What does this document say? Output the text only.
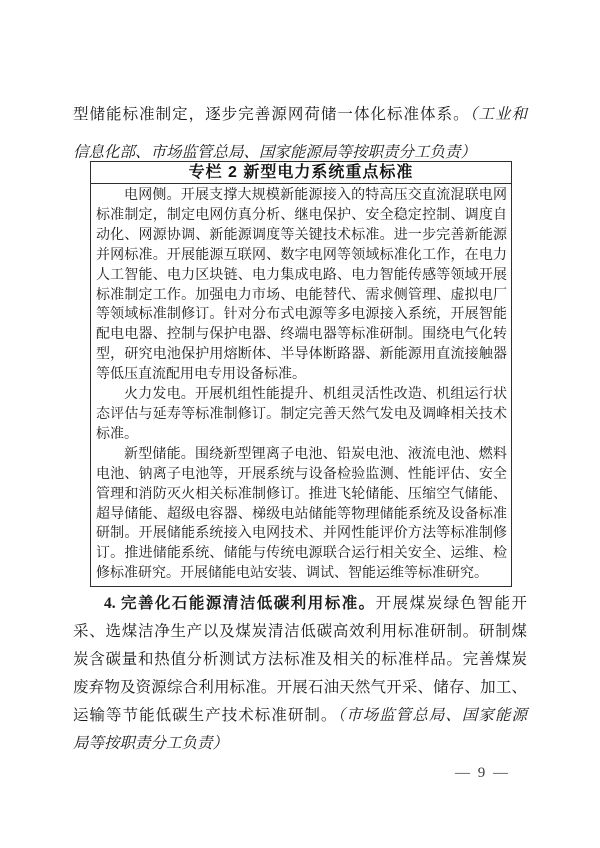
型储能标准制定，逐步完善源网荷储一体化标准体系。（工业和
信息化部、市场监管总局、国家能源局等按职责分工负责）
专栏 2 新型电力系统重点标准
电网侧。开展支撑大规模新能源接入的特高压交直流混联电网
标准制定，制定电网仿真分析、继电保护、安全稳定控制、调度自
动化、网源协调、新能源调度等关键技术标准。进一步完善新能源
并网标准。开展能源互联网、数字电网等领域标准化工作，在电力
人工智能、电力区块链、电力集成电路、电力智能传感等领域开展
标准制定工作。加强电力市场、电能替代、需求侧管理、虚拟电厂
等领域标准制修订。针对分布式电源等多电源接入系统，开展智能
配电电器、控制与保护电器、终端电器等标准研制。围绕电气化转
型，研究电池保护用熔断体、半导体断路器、新能源用直流接触器
等低压直流配用电专用设备标准。
火力发电。开展机组性能提升、机组灵活性改造、机组运行状
态评估与延寿等标准制修订。制定完善天然气发电及调峰相关技术
标准。
新型储能。围绕新型锂离子电池、铅炭电池、液流电池、燃料
电池、钠离子电池等，开展系统与设备检验监测、性能评估、安全
管理和消防灭火相关标准制修订。推进飞轮储能、压缩空气储能、
超导储能、超级电容器、梯级电站储能等物理储能系统及设备标准
研制。开展储能系统接入电网技术、并网性能评价方法等标准制修
订。推进储能系统、储能与传统电源联合运行相关安全、运维、检
修标准研究。开展储能电站安装、调试、智能运维等标准研究。
4. 完善化石能源清洁低碳利用标准。开展煤炭绿色智能开
采、选煤洁净生产以及煤炭清洁低碳高效利用标准研制。研制煤
炭含碳量和热值分析测试方法标准及相关的标准样品。完善煤炭
废弃物及资源综合利用标准。开展石油天然气开采、储存、加工、
运输等节能低碳生产技术标准研制。（市场监管总局、国家能源
局等按职责分工负责）
— 9 —
